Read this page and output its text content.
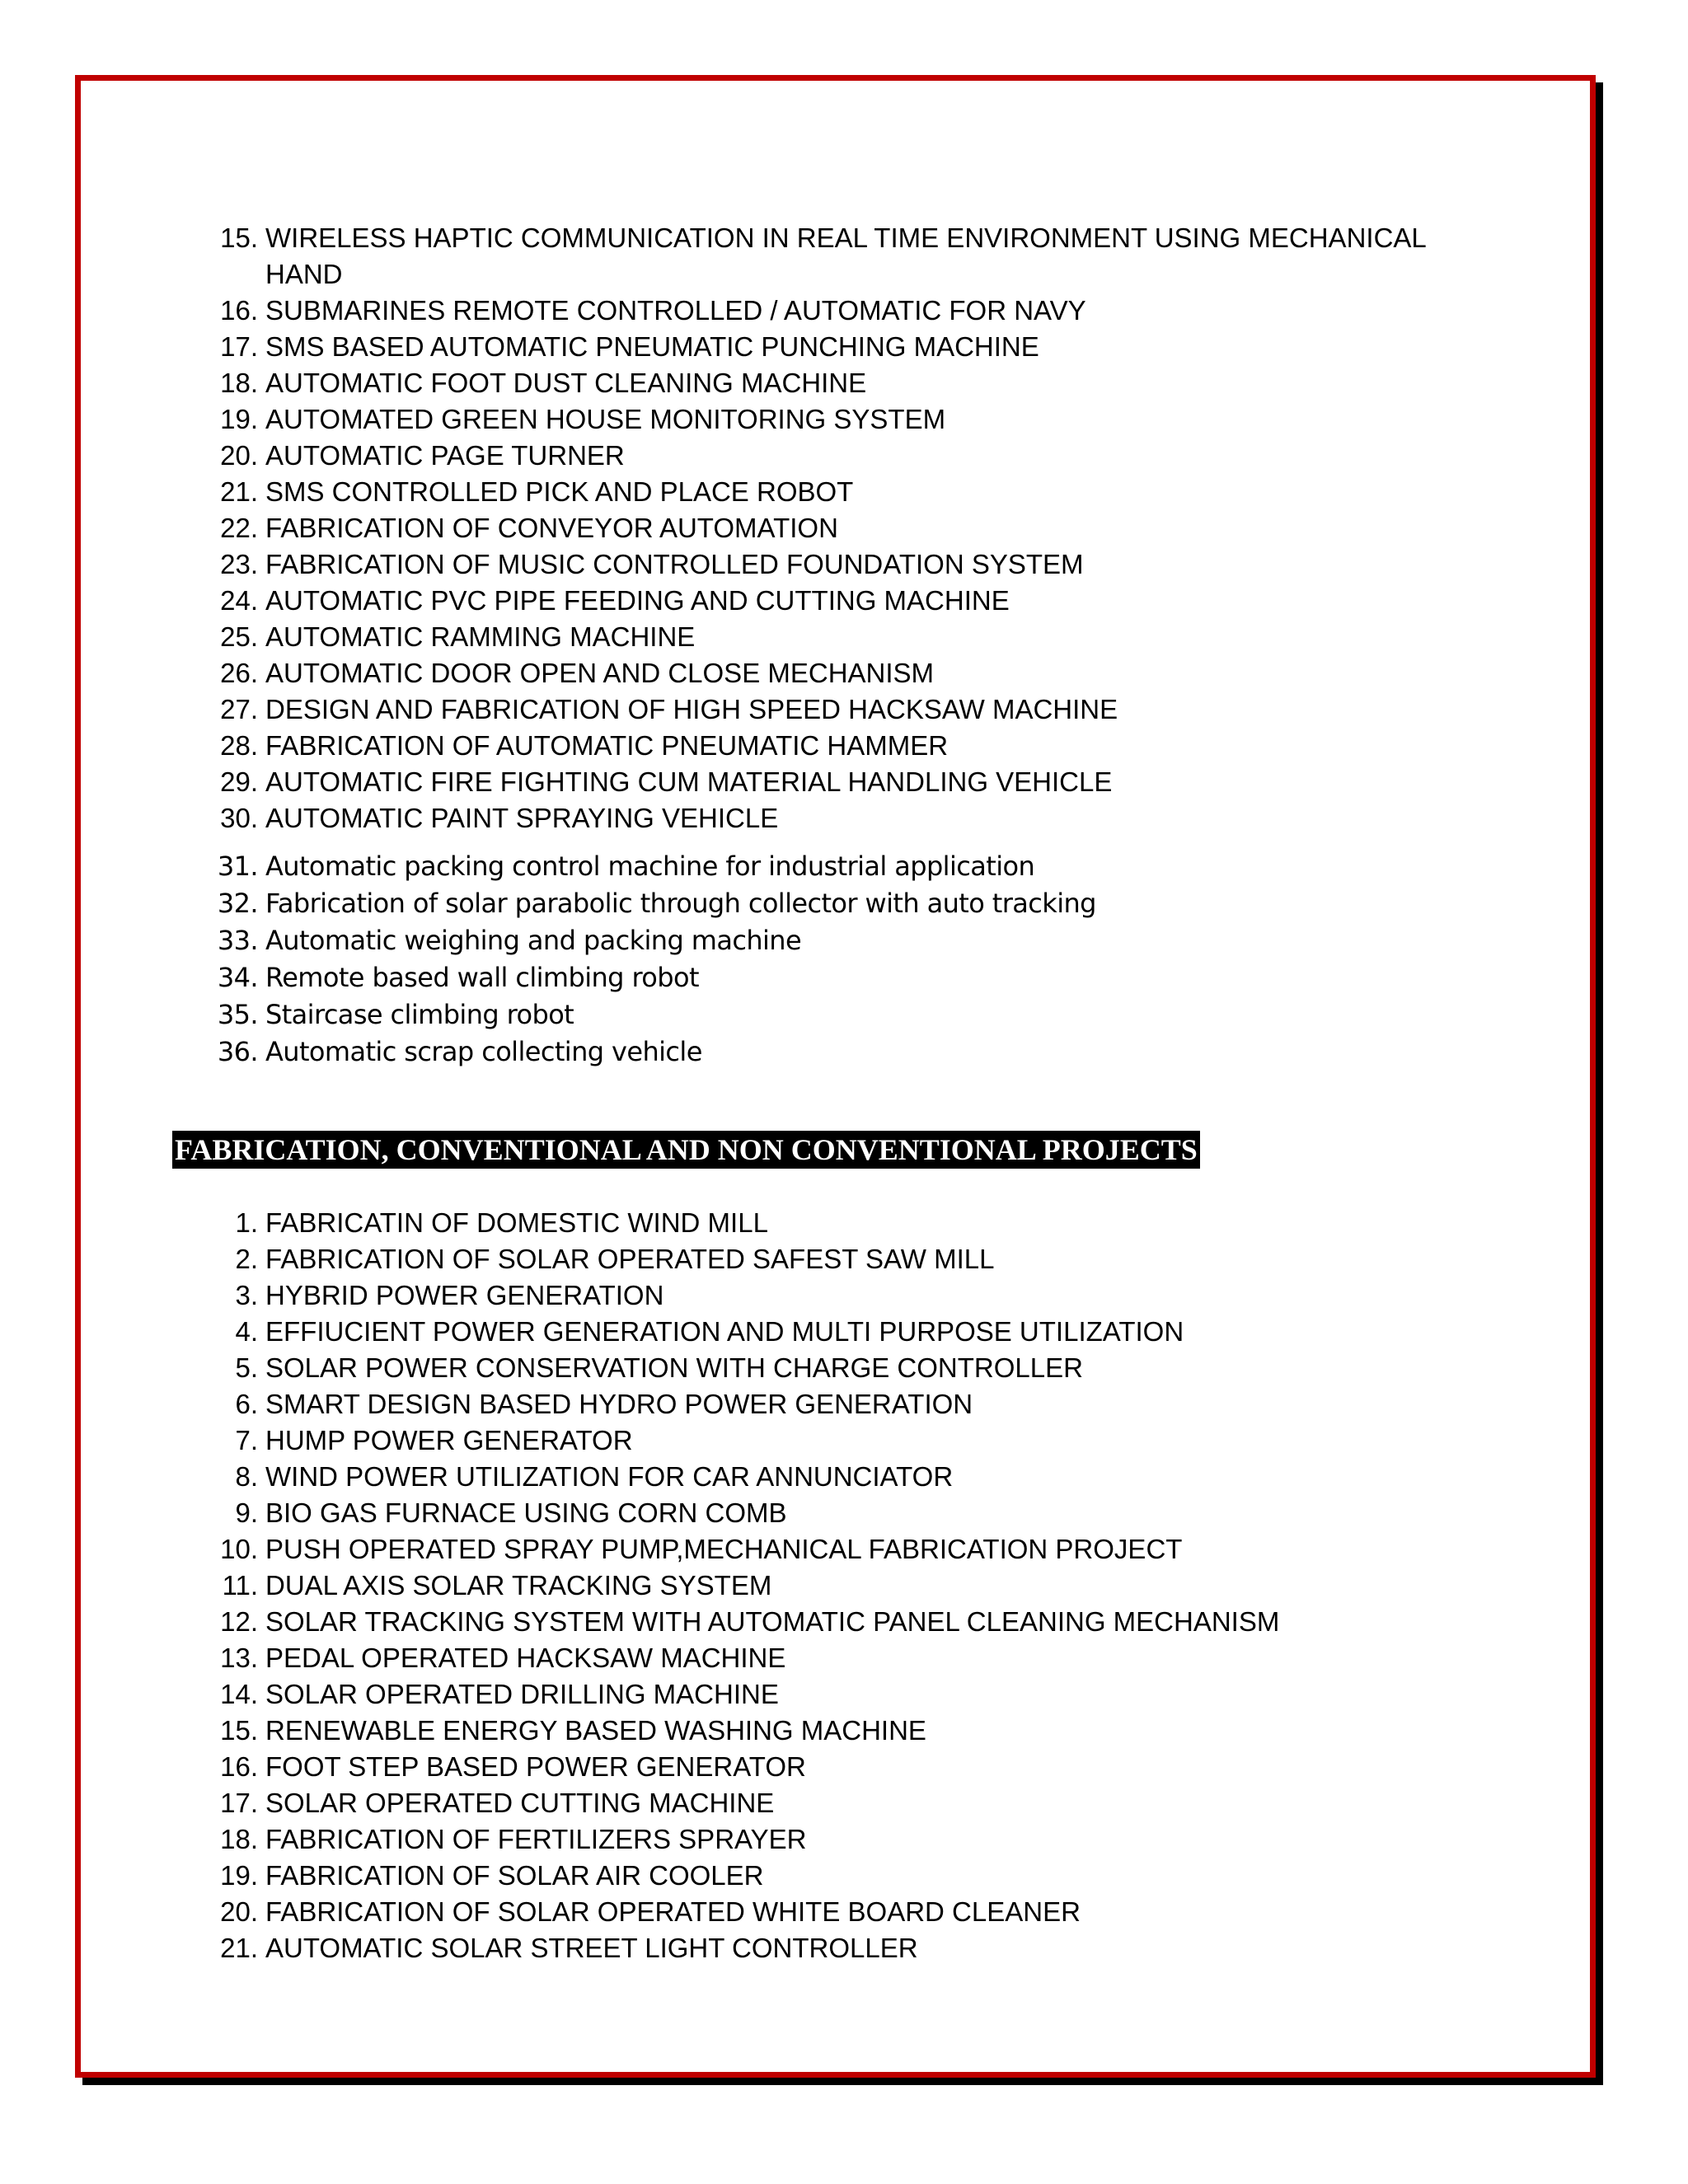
15. WIRELESS HAPTIC COMMUNICATION IN REAL TIME ENVIRONMENT USING MECHANICAL HAND
16. SUBMARINES REMOTE CONTROLLED / AUTOMATIC FOR NAVY
17. SMS BASED AUTOMATIC PNEUMATIC PUNCHING MACHINE
18. AUTOMATIC FOOT DUST CLEANING MACHINE
19. AUTOMATED GREEN HOUSE MONITORING SYSTEM
20. AUTOMATIC PAGE TURNER
21. SMS CONTROLLED PICK AND PLACE ROBOT
22. FABRICATION OF CONVEYOR AUTOMATION
23. FABRICATION OF MUSIC CONTROLLED FOUNDATION SYSTEM
24. AUTOMATIC PVC PIPE FEEDING AND CUTTING MACHINE
25. AUTOMATIC RAMMING MACHINE
26. AUTOMATIC DOOR OPEN AND CLOSE MECHANISM
27. DESIGN AND FABRICATION OF HIGH SPEED HACKSAW MACHINE
28. FABRICATION OF AUTOMATIC PNEUMATIC HAMMER
29. AUTOMATIC FIRE FIGHTING CUM MATERIAL HANDLING VEHICLE
30. AUTOMATIC PAINT SPRAYING VEHICLE
31. Automatic packing control machine for industrial application
32. Fabrication of solar parabolic through collector with auto tracking
33. Automatic weighing and packing machine
34. Remote based wall climbing robot
35. Staircase climbing robot
36. Automatic scrap collecting vehicle
FABRICATION, CONVENTIONAL AND NON CONVENTIONAL PROJECTS
1. FABRICATIN OF DOMESTIC WIND MILL
2. FABRICATION OF SOLAR OPERATED SAFEST SAW MILL
3. HYBRID POWER GENERATION
4. EFFIUCIENT POWER GENERATION AND MULTI PURPOSE UTILIZATION
5. SOLAR POWER CONSERVATION WITH CHARGE CONTROLLER
6. SMART DESIGN BASED HYDRO POWER GENERATION
7. HUMP POWER GENERATOR
8. WIND POWER UTILIZATION FOR CAR ANNUNCIATOR
9. BIO GAS FURNACE USING CORN COMB
10. PUSH OPERATED SPRAY PUMP,MECHANICAL FABRICATION PROJECT
11. DUAL AXIS SOLAR TRACKING SYSTEM
12. SOLAR TRACKING SYSTEM WITH AUTOMATIC PANEL CLEANING MECHANISM
13. PEDAL OPERATED HACKSAW MACHINE
14. SOLAR OPERATED DRILLING MACHINE
15. RENEWABLE ENERGY BASED WASHING MACHINE
16. FOOT STEP BASED POWER GENERATOR
17. SOLAR OPERATED CUTTING MACHINE
18. FABRICATION OF FERTILIZERS SPRAYER
19. FABRICATION OF SOLAR AIR COOLER
20. FABRICATION OF SOLAR OPERATED WHITE BOARD CLEANER
21. AUTOMATIC SOLAR STREET LIGHT CONTROLLER
